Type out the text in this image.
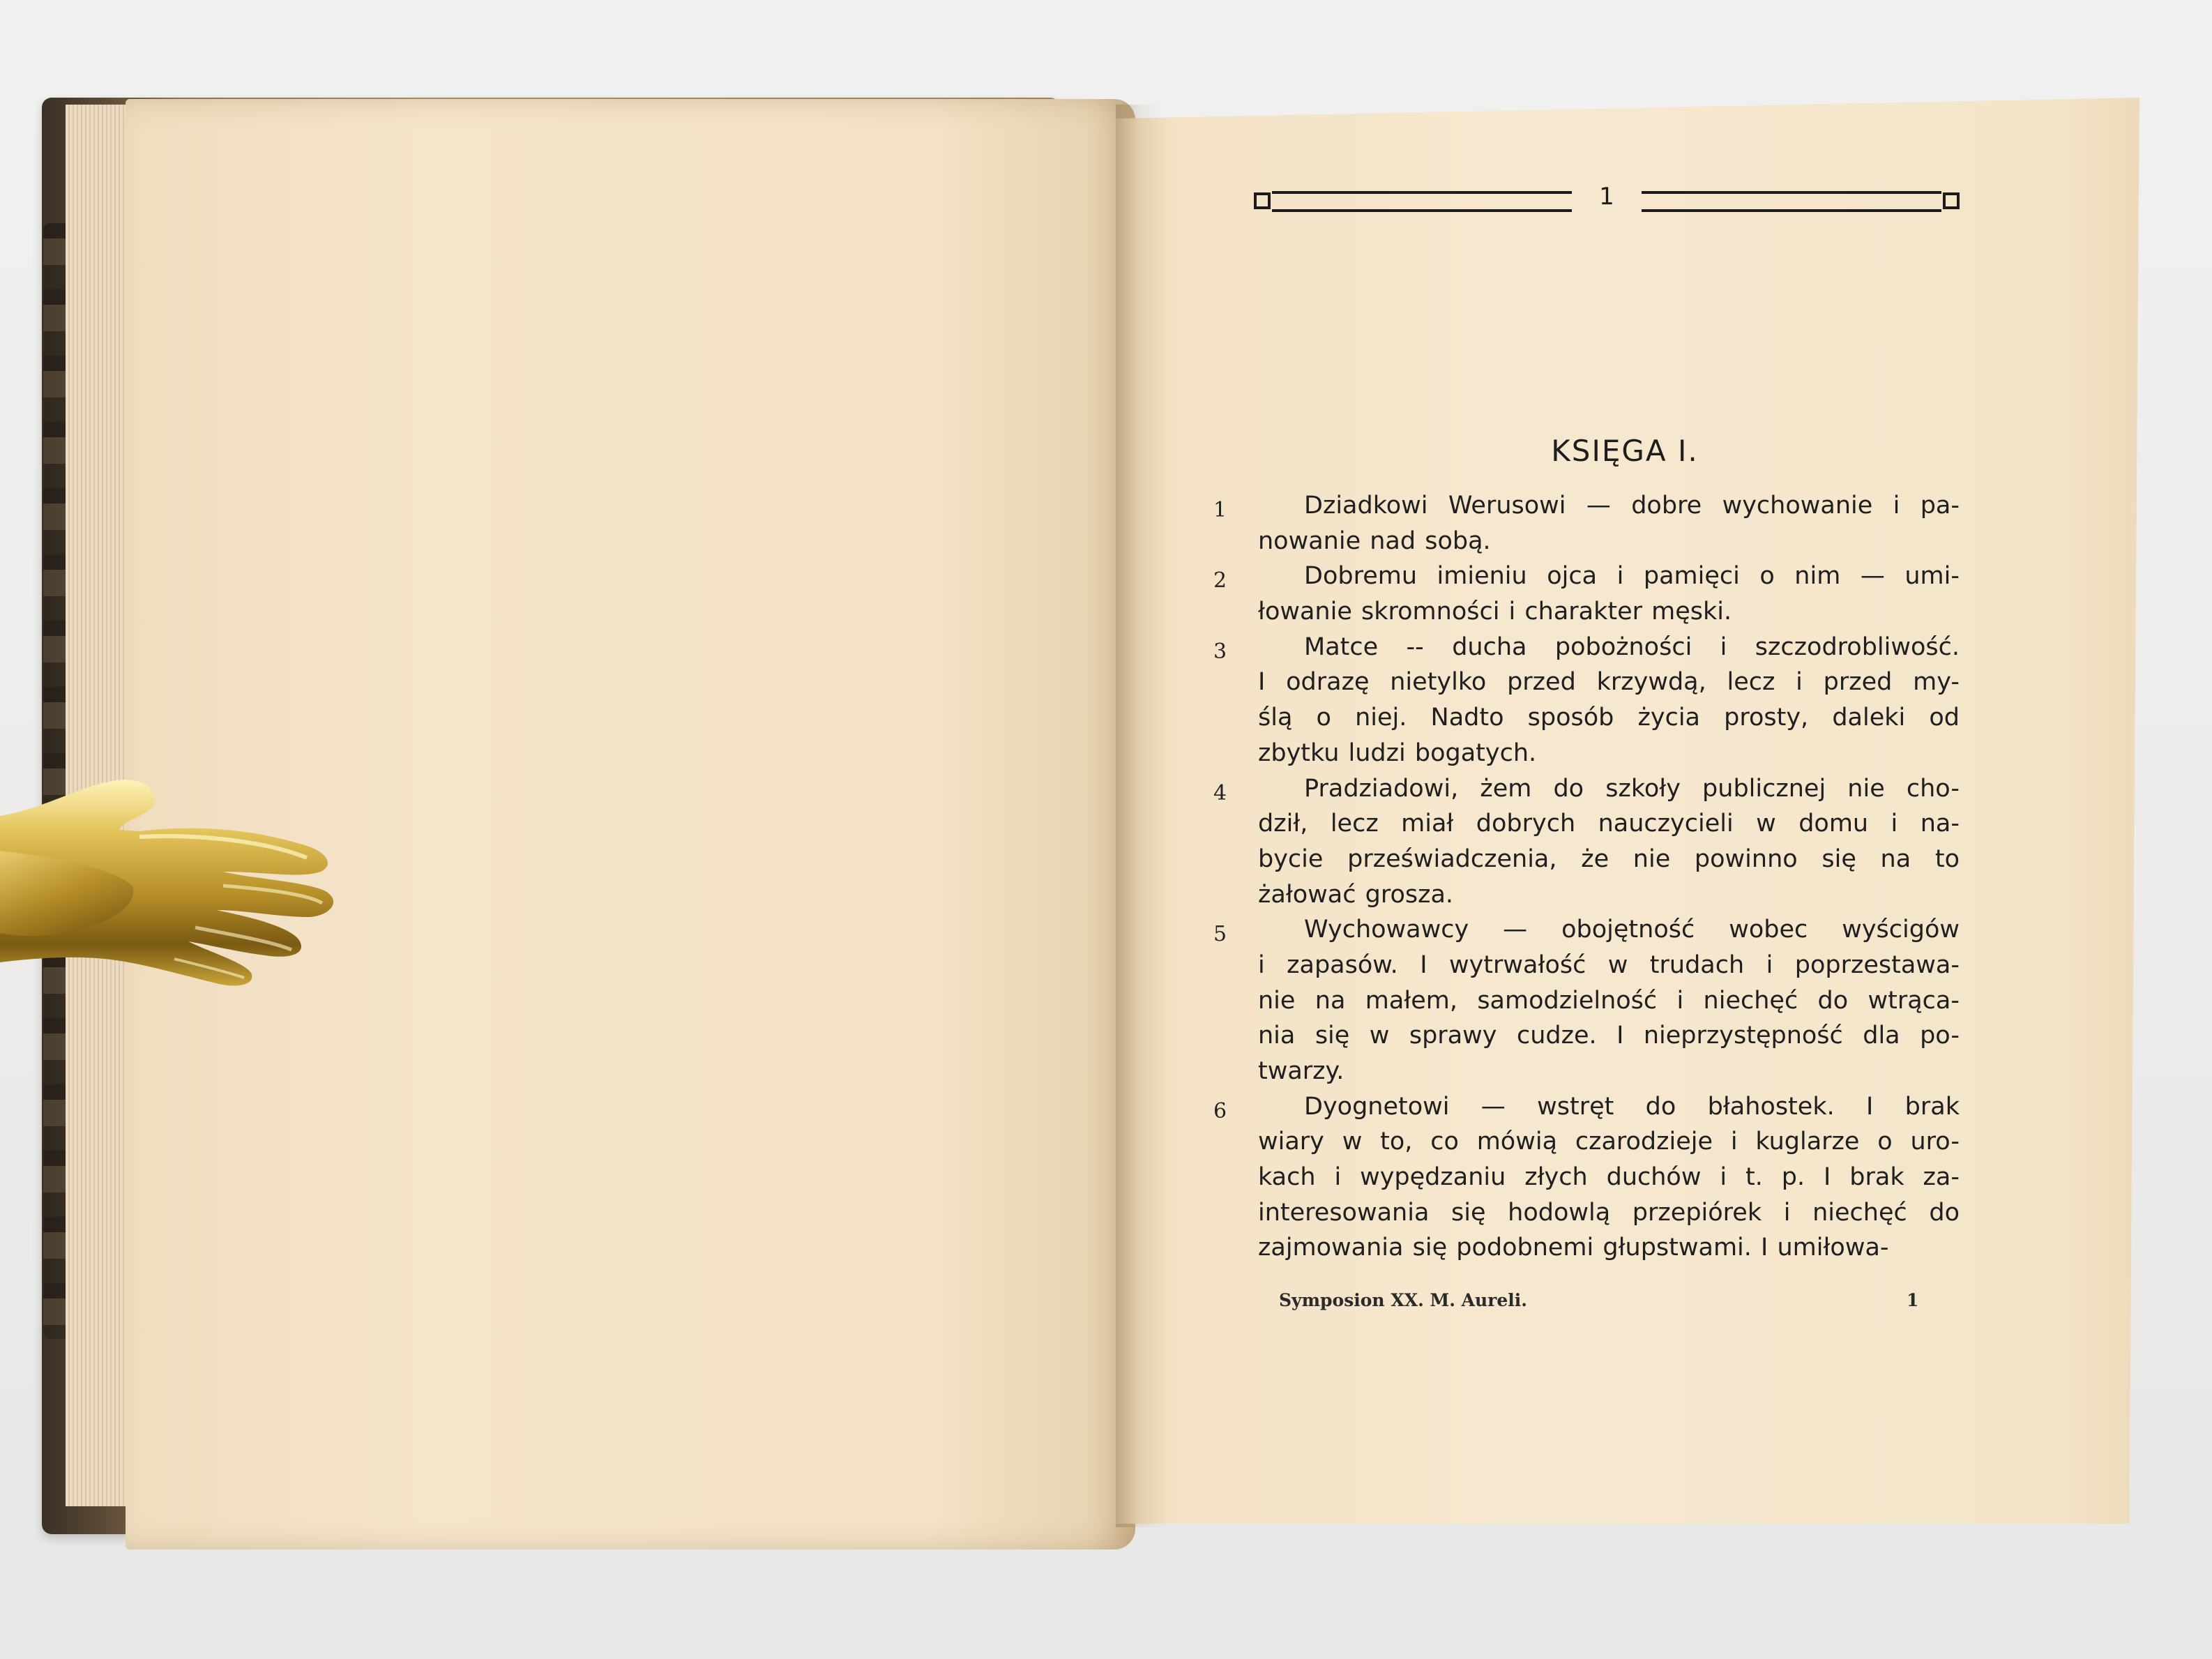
1
KSIĘGA I.
1	Dziadkowi Werusowi — dobre wychowanie i pa-
nowanie nad sobą.
2	Dobremu imieniu ojca i pamięci o nim — umi-
łowanie skromności i charakter męski.
3	Matce -- ducha pobożności i szczodrobliwość.
I odrazę nietylko przed krzywdą, lecz i przed my-
ślą o niej. Nadto sposób życia prosty, daleki od
zbytku ludzi bogatych.
4	Pradziadowi, żem do szkoły publicznej nie cho-
dził, lecz miał dobrych nauczycieli w domu i na-
bycie przeświadczenia, że nie powinno się na to
żałować grosza.
5	Wychowawcy — obojętność wobec wyścigów
i zapasów. I wytrwałość w trudach i poprzestawa-
nie na małem, samodzielność i niechęć do wtrąca-
nia się w sprawy cudze. I nieprzystępność dla po-
twarzy.
6	Dyognetowi — wstręt do błahostek. I brak
wiary w to, co mówią czarodzieje i kuglarze o uro-
kach i wypędzaniu złych duchów i t. p. I brak za-
interesowania się hodowlą przepiórek i niechęć do
zajmowania się podobnemi głupstwami. I umiłowa-
Symposion XX. M. Aureli.	1
